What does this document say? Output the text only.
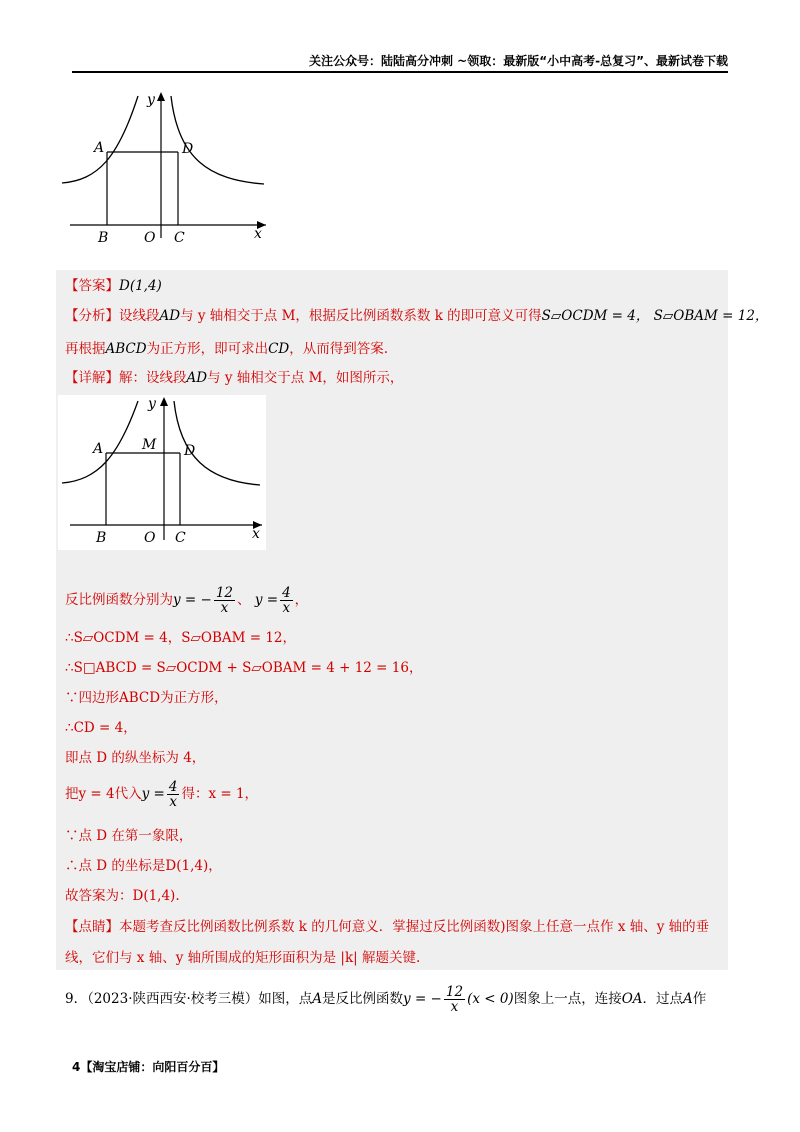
关注公众号：陆陆高分冲刺 ~领取：最新版“小中高考-总复习”、最新试卷下载
y
x
A	D
B	O C
【答案】D(1,4)
【分析】设线段AD与 y 轴相交于点 M，根据反比例函数系数 k 的即可意义可得S▱OCDM = 4， S▱OBAM = 12，
再根据ABCD为正方形，即可求出CD，从而得到答案.
【详解】解：设线段AD与 y 轴相交于点 M，如图所示，
y
x
A	M D
B	O C
反比例函数分别为y = − $\frac{12}{x}$ 、 $y = \frac{4}{x}$ ，
∴S▱OCDM = 4，S▱OBAM = 12，
∴S□ABCD = S▱OCDM + S▱OBAM = 4 + 12 = 16，
∵四边形ABCD为正方形，
∴CD = 4，
即点 D 的纵坐标为 4，
把y = 4代入$y = \frac{4}{x}$ 得：x = 1，
∵点 D 在第一象限，
∴点 D 的坐标是D(1,4)，
故答案为：D(1,4).
【点睛】本题考查反比例函数比例系数 k 的几何意义．掌握过反比例函数)图象上任意一点作 x 轴、y 轴的垂
线，它们与 x 轴、y 轴所围成的矩形面积为是 |k| 解题关键.
9．（2023·陕西西安·校考三模）如图，点A是反比例函数y = − $\frac{12}{x} (x < 0)$图象上一点，连接OA．过点A作
4【淘宝店铺：向阳百分百】
